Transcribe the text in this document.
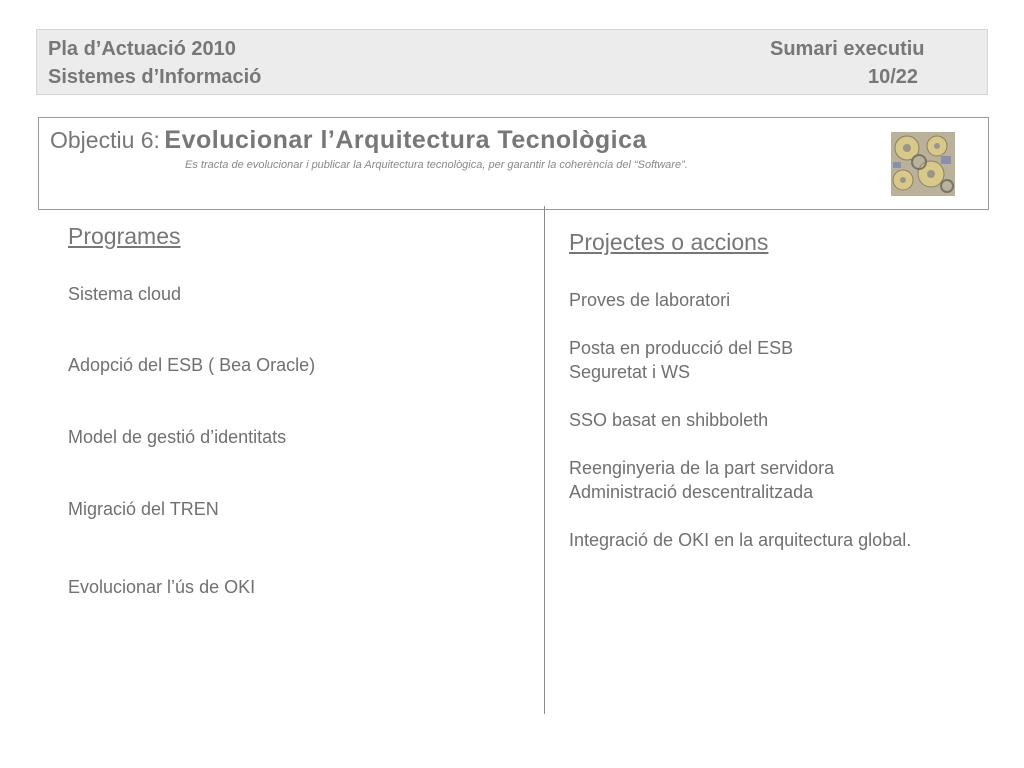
Pla d’Actuació 2010
Sistemes d’Informació
Sumari executiu
10/22
Objectiu 6: Evolucionar l’Arquitectura Tecnològica
Es tracta de evolucionar i publicar la Arquitectura tecnològica, per garantir la coherència del “Software”.
Programes
Sistema cloud
Adopció del ESB ( Bea Oracle)
Model de gestió d’identitats
Migració del TREN
Evolucionar l’ús de OKI
Projectes o accions
Proves de laboratori
Posta en producció del ESB
Seguretat i WS
SSO basat en shibboleth
Reenginyeria de la part servidora
Administració descentralitzada
Integració de OKI en la arquitectura global.
